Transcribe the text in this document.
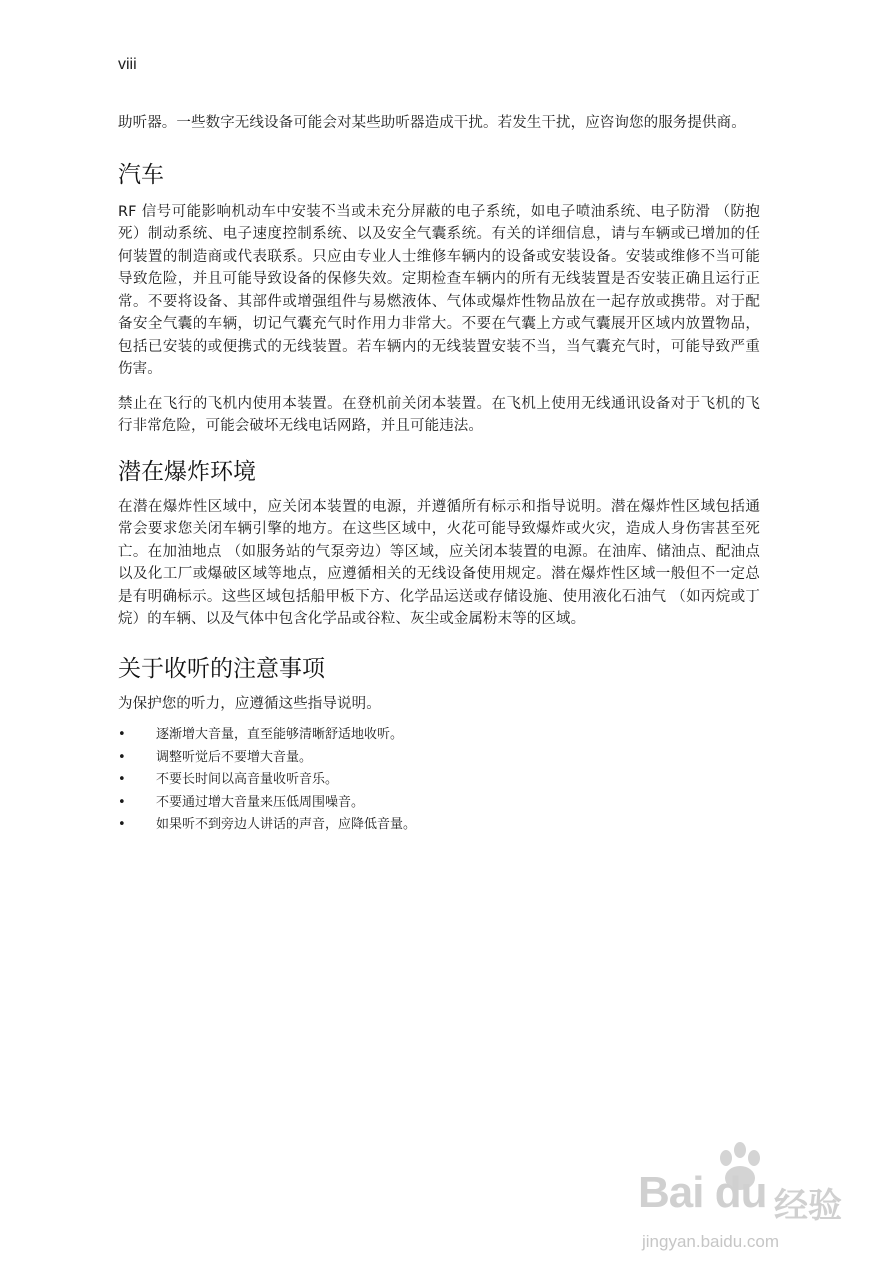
viii

助听器。一些数字无线设备可能会对某些助听器造成干扰。若发生干扰，应咨询您的服务提供商。

汽车

RF 信号可能影响机动车中安装不当或未充分屏蔽的电子系统，如电子喷油系统、电子防滑 （防抱死）制动系统、电子速度控制系统、以及安全气囊系统。有关的详细信息，请与车辆或已增加的任何装置的制造商或代表联系。只应由专业人士维修车辆内的设备或安装设备。安装或维修不当可能导致危险，并且可能导致设备的保修失效。定期检查车辆内的所有无线装置是否安装正确且运行正常。不要将设备、其部件或增强组件与易燃液体、气体或爆炸性物品放在一起存放或携带。对于配备安全气囊的车辆，切记气囊充气时作用力非常大。不要在气囊上方或气囊展开区域内放置物品，包括已安装的或便携式的无线装置。若车辆内的无线装置安装不当，当气囊充气时，可能导致严重伤害。

禁止在飞行的飞机内使用本装置。在登机前关闭本装置。在飞机上使用无线通讯设备对于飞机的飞行非常危险，可能会破坏无线电话网路，并且可能违法。

潜在爆炸环境

在潜在爆炸性区域中，应关闭本装置的电源，并遵循所有标示和指导说明。潜在爆炸性区域包括通常会要求您关闭车辆引擎的地方。在这些区域中，火花可能导致爆炸或火灾，造成人身伤害甚至死亡。在加油地点 （如服务站的气泵旁边）等区域，应关闭本装置的电源。在油库、储油点、配油点以及化工厂或爆破区域等地点，应遵循相关的无线设备使用规定。潜在爆炸性区域一般但不一定总是有明确标示。这些区域包括船甲板下方、化学品运送或存储设施、使用液化石油气 （如丙烷或丁烷）的车辆、以及气体中包含化学品或谷粒、灰尘或金属粉末等的区域。

关于收听的注意事项

为保护您的听力，应遵循这些指导说明。

• 逐渐增大音量，直至能够清晰舒适地收听。
• 调整听觉后不要增大音量。
• 不要长时间以高音量收听音乐。
• 不要通过增大音量来压低周围噪音。
• 如果听不到旁边人讲话的声音，应降低音量。
Bai du 经验
jingyan.baidu.com
